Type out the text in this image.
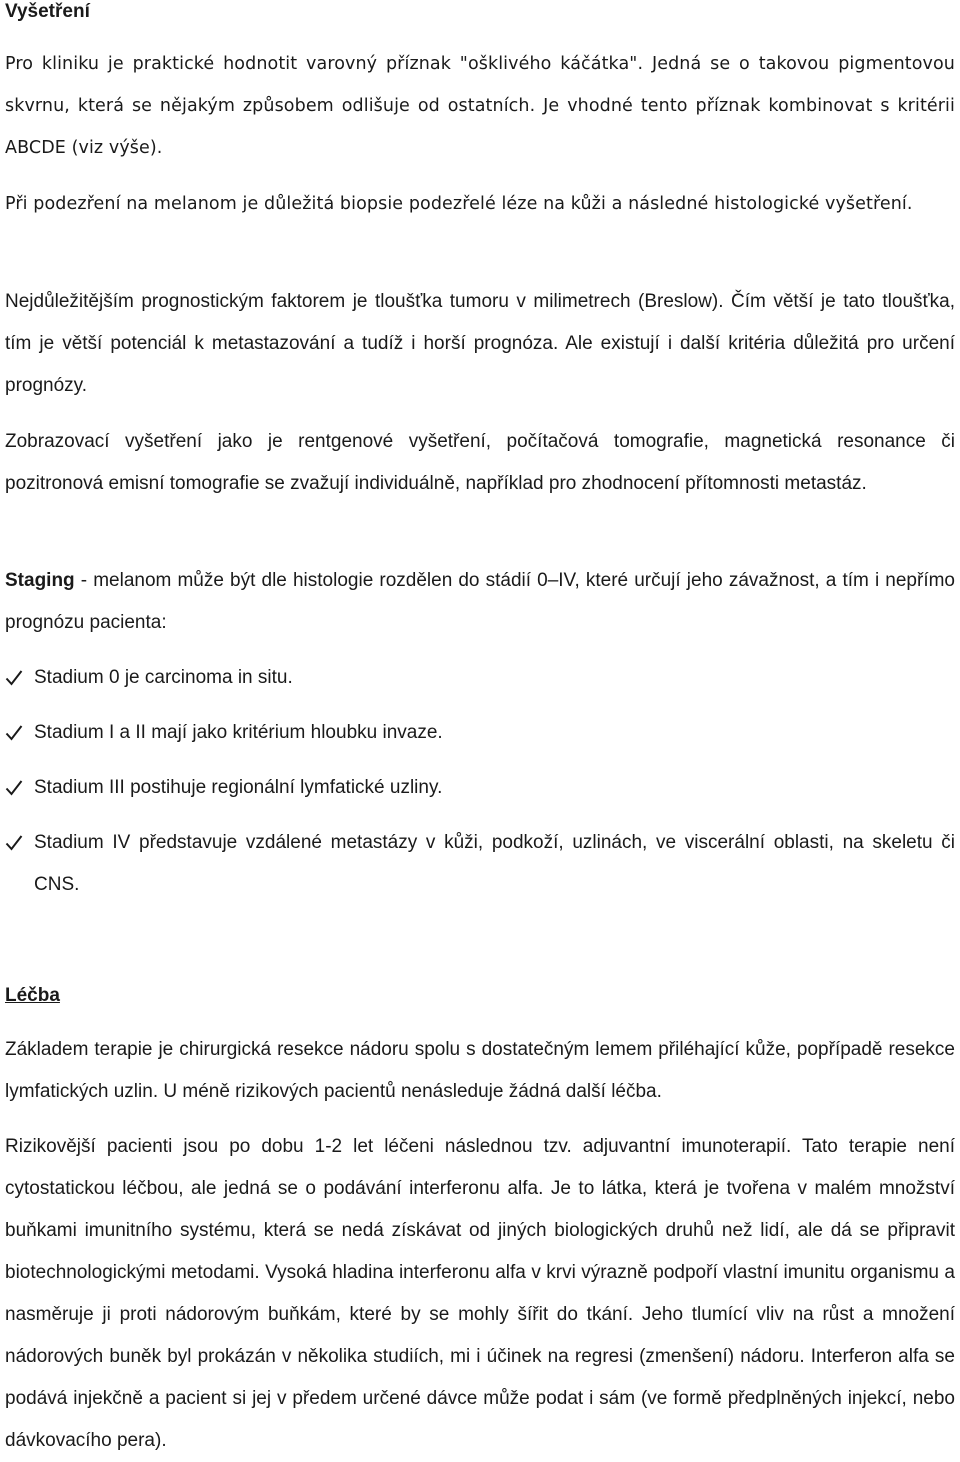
Vyšetření

Pro kliniku je praktické hodnotit varovný příznak "ošklivého káčátka". Jedná se o takovou pigmentovou skvrnu, která se nějakým způsobem odlišuje od ostatních. Je vhodné tento příznak kombinovat s kritérii ABCDE (viz výše).

Při podezření na melanom je důležitá biopsie podezřelé léze na kůži a následné histologické vyšetření.

Nejdůležitějším prognostickým faktorem je tloušťka tumoru v milimetrech (Breslow). Čím větší je tato tloušťka, tím je větší potenciál k metastazování a tudíž i horší prognóza. Ale existují i další kritéria důležitá pro určení prognózy.

Zobrazovací vyšetření jako je rentgenové vyšetření, počítačová tomografie, magnetická resonance či pozitronová emisní tomografie se zvažují individuálně, například pro zhodnocení přítomnosti metastáz.

Staging - melanom může být dle histologie rozdělen do stádií 0–IV, které určují jeho závažnost, a tím i nepřímo prognózu pacienta:

Stadium 0 je carcinoma in situ.
Stadium I a II mají jako kritérium hloubku invaze.
Stadium III postihuje regionální lymfatické uzliny.
Stadium IV představuje vzdálené metastázy v kůži, podkoží, uzlinách, ve viscerální oblasti, na skeletu či CNS.
Léčba

Základem terapie je chirurgická resekce nádoru spolu s dostatečným lemem přiléhající kůže, popřípadě resekce lymfatických uzlin. U méně rizikových pacientů nenásleduje žádná další léčba.

Rizikovější pacienti jsou po dobu 1-2 let léčeni následnou tzv. adjuvantní imunoterapií. Tato terapie není cytostatickou léčbou, ale jedná se o podávání interferonu alfa. Je to látka, která je tvořena v malém množství buňkami imunitního systému, která se nedá získávat od jiných biologických druhů než lidí, ale dá se připravit biotechnologickými metodami. Vysoká hladina interferonu alfa v krvi výrazně podpoří vlastní imunitu organismu a nasměruje ji proti nádorovým buňkám, které by se mohly šířit do tkání. Jeho tlumící vliv na růst a množení nádorových buněk byl prokázán v několika studiích, mi i účinek na regresi (zmenšení) nádoru. Interferon alfa se podává injekčně a pacient si jej v předem určené dávce může podat i sám (ve formě předplněných injekcí, nebo dávkovacího pera).
